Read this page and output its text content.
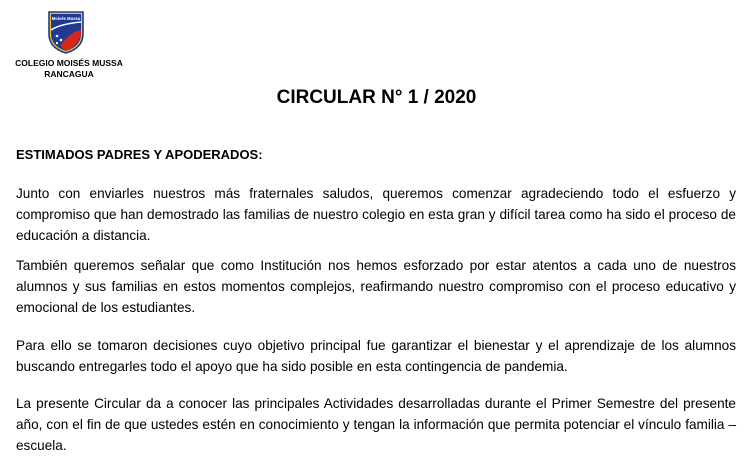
Moisés Mussa
COLEGIO MOISÉS MUSSA
RANCAGUA
CIRCULAR N° 1 / 2020
ESTIMADOS PADRES Y APODERADOS:

Junto con enviarles nuestros más fraternales saludos, queremos comenzar agradeciendo todo el esfuerzo y compromiso que han demostrado las familias de nuestro colegio en esta gran y difícil tarea como ha sido el proceso de educación a distancia.

También queremos señalar que como Institución nos hemos esforzado por estar atentos a cada uno de nuestros alumnos y sus familias en estos momentos complejos, reafirmando nuestro compromiso con el proceso educativo y emocional de los estudiantes.

Para ello se tomaron decisiones cuyo objetivo principal fue garantizar el bienestar y el aprendizaje de los alumnos buscando entregarles todo el apoyo que ha sido posible en esta contingencia de pandemia.

La presente Circular da a conocer las principales Actividades desarrolladas durante el Primer Semestre del presente año, con el fin de que ustedes estén en conocimiento y tengan la información que permita potenciar el vínculo familia – escuela.
